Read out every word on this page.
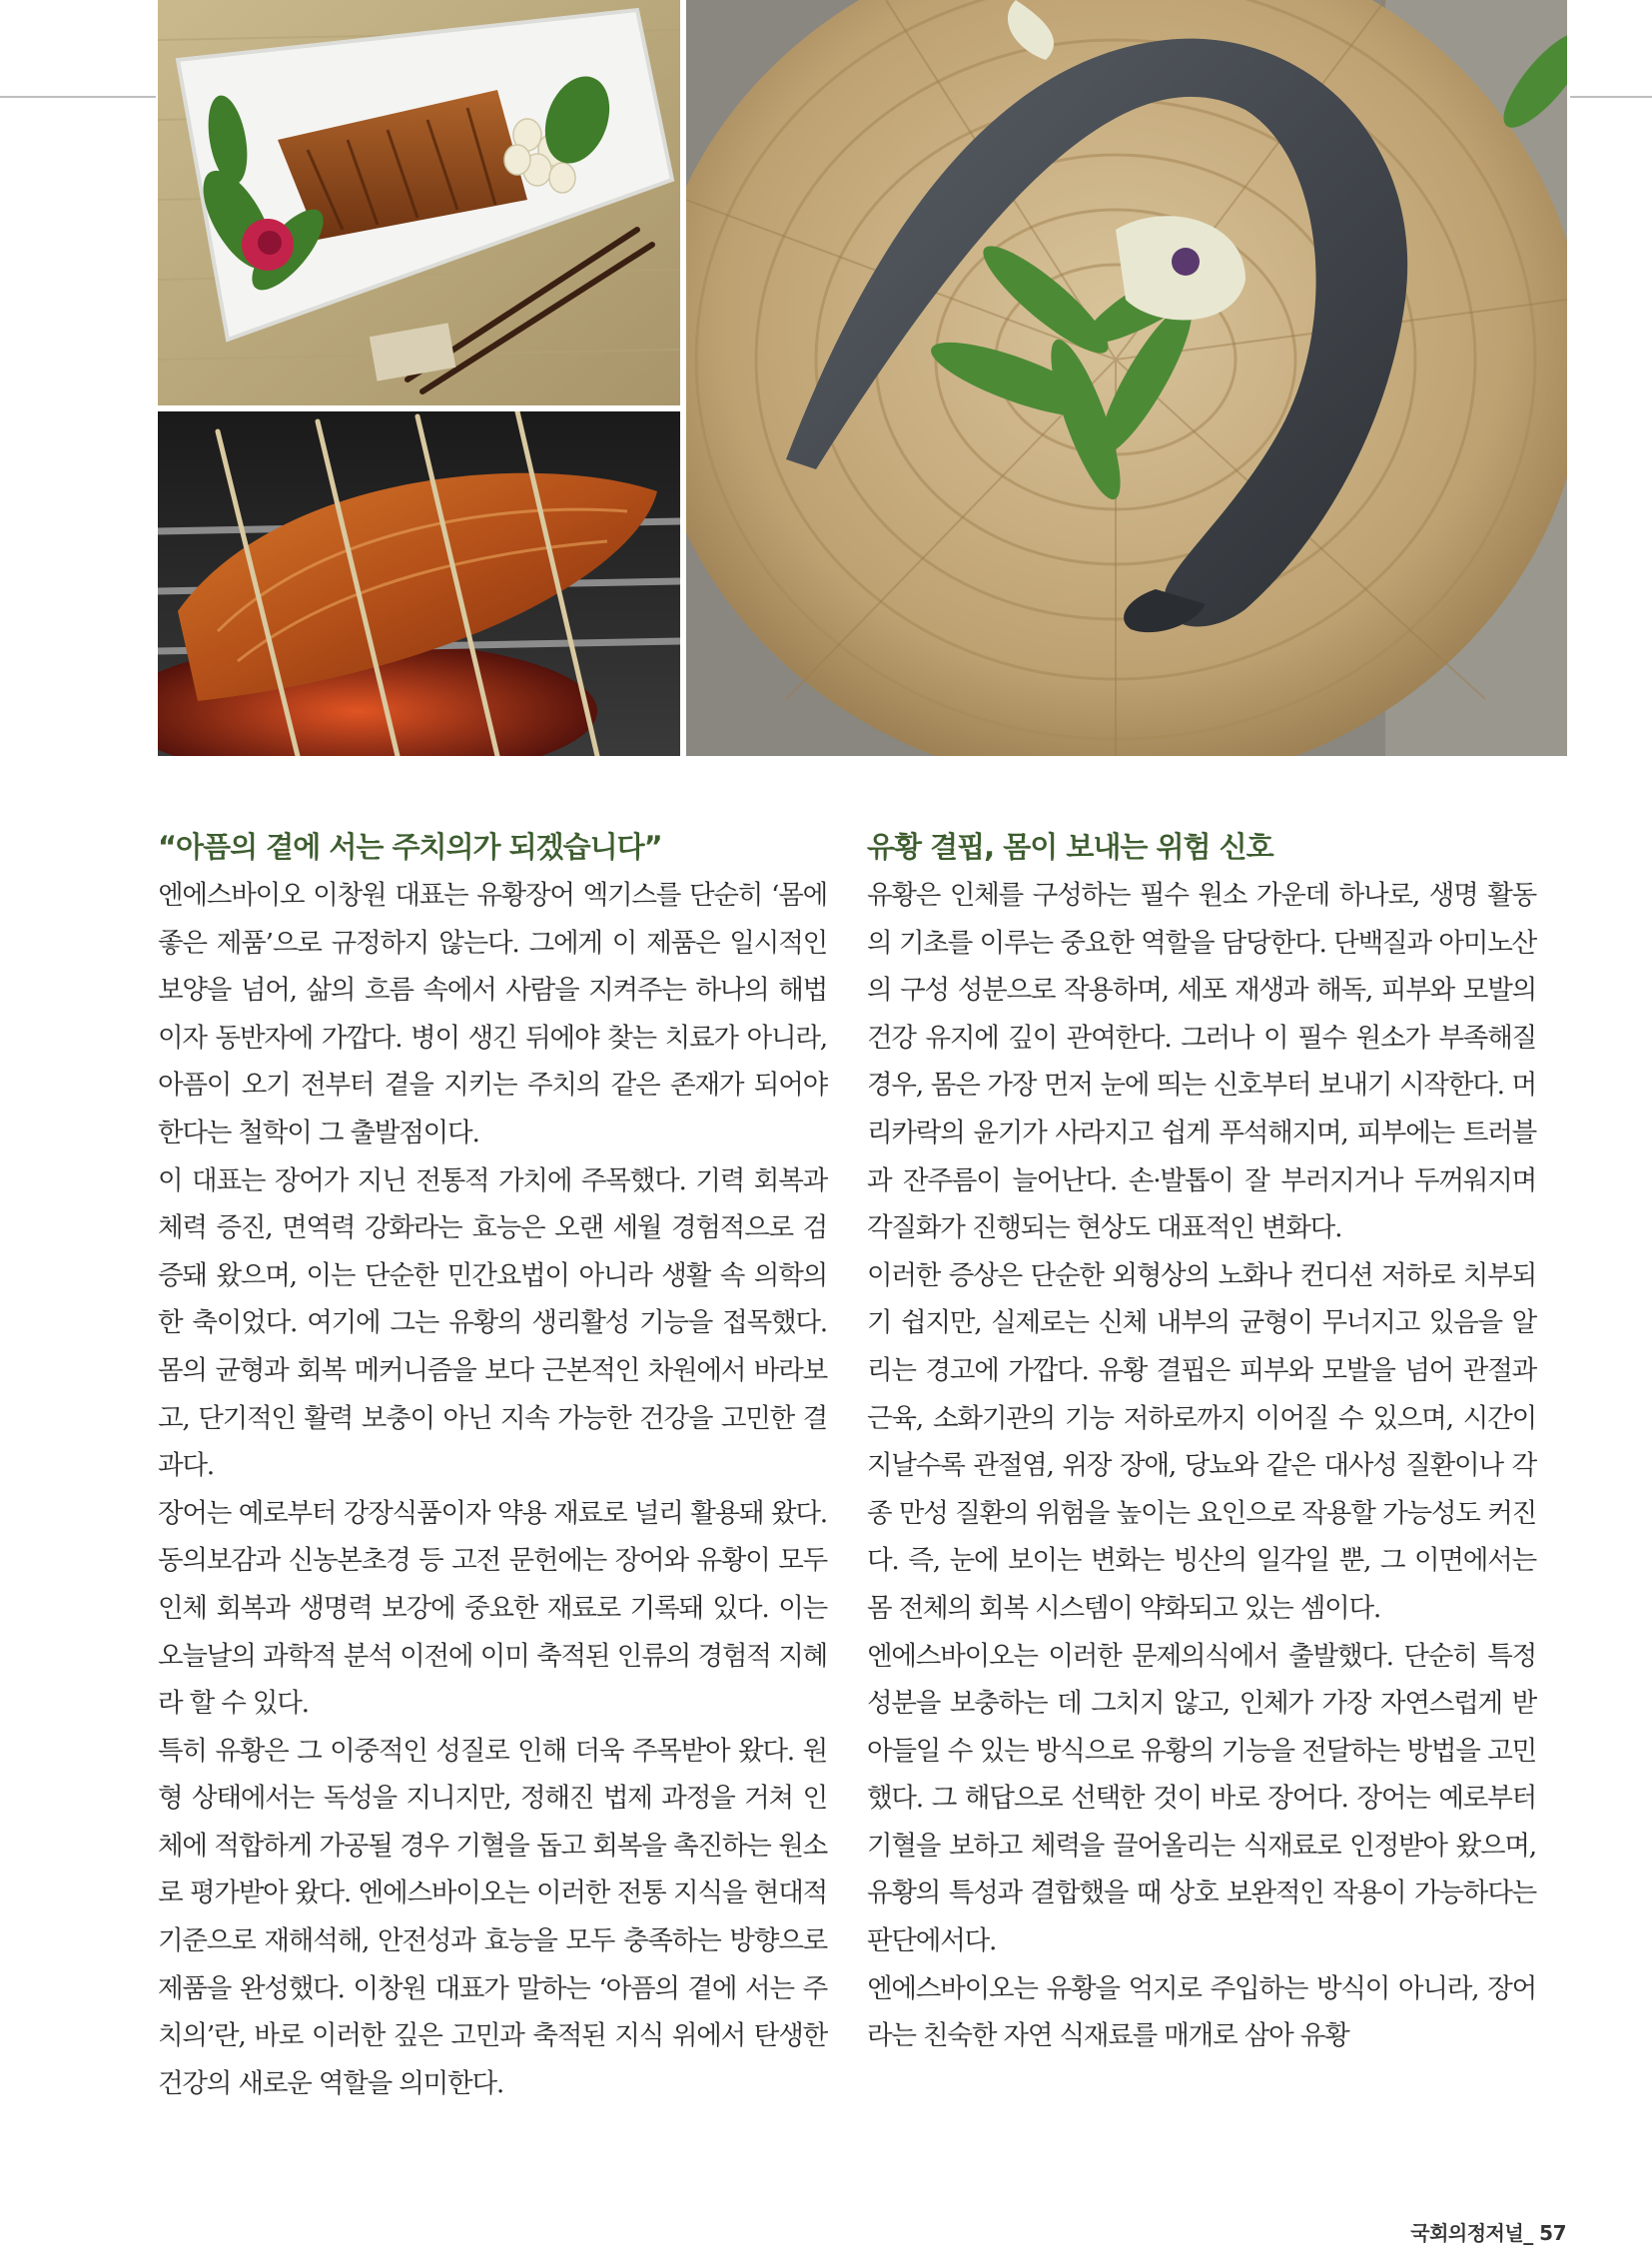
“아픔의 곁에 서는 주치의가 되겠습니다”

엔에스바이오 이창원 대표는 유황장어 엑기스를 단순히 ‘몸에 좋은 제품’으로 규정하지 않는다. 그에게 이 제품은 일시적인 보양을 넘어, 삶의 흐름 속에서 사람을 지켜주는 하나의 해법이자 동반자에 가깝다. 병이 생긴 뒤에야 찾는 치료가 아니라, 아픔이 오기 전부터 곁을 지키는 주치의 같은 존재가 되어야 한다는 철학이 그 출발점이다.

이 대표는 장어가 지닌 전통적 가치에 주목했다. 기력 회복과 체력 증진, 면역력 강화라는 효능은 오랜 세월 경험적으로 검증돼 왔으며, 이는 단순한 민간요법이 아니라 생활 속 의학의 한 축이었다. 여기에 그는 유황의 생리활성 기능을 접목했다. 몸의 균형과 회복 메커니즘을 보다 근본적인 차원에서 바라보고, 단기적인 활력 보충이 아닌 지속 가능한 건강을 고민한 결과다.

장어는 예로부터 강장식품이자 약용 재료로 널리 활용돼 왔다. 동의보감과 신농본초경 등 고전 문헌에는 장어와 유황이 모두 인체 회복과 생명력 보강에 중요한 재료로 기록돼 있다. 이는 오늘날의 과학적 분석 이전에 이미 축적된 인류의 경험적 지혜라 할 수 있다.

특히 유황은 그 이중적인 성질로 인해 더욱 주목받아 왔다. 원형 상태에서는 독성을 지니지만, 정해진 법제 과정을 거쳐 인체에 적합하게 가공될 경우 기혈을 돕고 회복을 촉진하는 원소로 평가받아 왔다. 엔에스바이오는 이러한 전통 지식을 현대적 기준으로 재해석해, 안전성과 효능을 모두 충족하는 방향으로 제품을 완성했다. 이창원 대표가 말하는 ‘아픔의 곁에 서는 주치의’란, 바로 이러한 깊은 고민과 축적된 지식 위에서 탄생한 건강의 새로운 역할을 의미한다.

유황 결핍, 몸이 보내는 위험 신호

유황은 인체를 구성하는 필수 원소 가운데 하나로, 생명 활동의 기초를 이루는 중요한 역할을 담당한다. 단백질과 아미노산의 구성 성분으로 작용하며, 세포 재생과 해독, 피부와 모발의 건강 유지에 깊이 관여한다. 그러나 이 필수 원소가 부족해질 경우, 몸은 가장 먼저 눈에 띄는 신호부터 보내기 시작한다. 머리카락의 윤기가 사라지고 쉽게 푸석해지며, 피부에는 트러블과 잔주름이 늘어난다. 손·발톱이 잘 부러지거나 두꺼워지며 각질화가 진행되는 현상도 대표적인 변화다.

이러한 증상은 단순한 외형상의 노화나 컨디션 저하로 치부되기 쉽지만, 실제로는 신체 내부의 균형이 무너지고 있음을 알리는 경고에 가깝다. 유황 결핍은 피부와 모발을 넘어 관절과 근육, 소화기관의 기능 저하로까지 이어질 수 있으며, 시간이 지날수록 관절염, 위장 장애, 당뇨와 같은 대사성 질환이나 각종 만성 질환의 위험을 높이는 요인으로 작용할 가능성도 커진다. 즉, 눈에 보이는 변화는 빙산의 일각일 뿐, 그 이면에서는 몸 전체의 회복 시스템이 약화되고 있는 셈이다.

엔에스바이오는 이러한 문제의식에서 출발했다. 단순히 특정 성분을 보충하는 데 그치지 않고, 인체가 가장 자연스럽게 받아들일 수 있는 방식으로 유황의 기능을 전달하는 방법을 고민했다. 그 해답으로 선택한 것이 바로 장어다. 장어는 예로부터 기혈을 보하고 체력을 끌어올리는 식재료로 인정받아 왔으며, 유황의 특성과 결합했을 때 상호 보완적인 작용이 가능하다는 판단에서다.

엔에스바이오는 유황을 억지로 주입하는 방식이 아니라, 장어라는 친숙한 자연 식재료를 매개로 삼아 유황

국회의정저널_ 57
